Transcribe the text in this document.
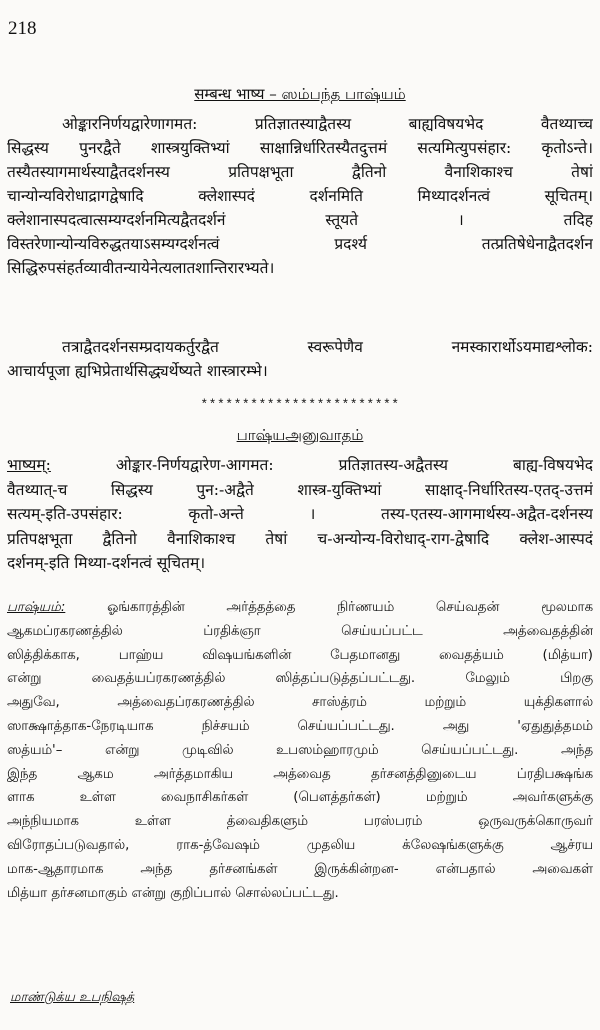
218
सम्बन्ध भाष्य – ஸம்பந்த பாஷ்யம்
ओङ्कारनिर्णयद्वारेणागमत: प्रतिज्ञातस्याद्वैतस्य बाह्यविषयभेद वैतथ्याच्च
सिद्धस्य पुनरद्वैते शास्त्रयुक्तिभ्यां साक्षान्निर्धारितस्यैतदुत्तमं सत्यमित्युपसंहार: कृतोऽन्ते।
तस्यैतस्यागमार्थस्याद्वैतदर्शनस्य प्रतिपक्षभूता द्वैतिनो वैनाशिकाश्च तेषां
चान्योन्यविरोधाद्रागद्वेषादि क्लेशास्पदं दर्शनमिति मिथ्यादर्शनत्वं सूचितम्।
क्लेशानास्पदत्वात्सम्यग्दर्शनमित्यद्वैतदर्शनं स्तूयते । तदिह
विस्तरेणान्योन्यविरुद्धतयाऽसम्यग्दर्शनत्वं प्रदर्श्य तत्प्रतिषेधेनाद्वैतदर्शन
सिद्धिरुपसंहर्तव्यावीतन्यायेनेत्यलातशान्तिरारभ्यते।
तत्राद्वैतदर्शनसम्प्रदायकर्तुरद्वैत स्वरूपेणैव नमस्कारार्थोऽयमाद्यश्लोक:
आचार्यपूजा ह्यभिप्रेतार्थसिद्ध्यर्थेष्यते शास्त्रारम्भे।
************************
பாஷ்யஅனுவாதம்
भाष्यम्: ओङ्कार-निर्णयद्वारेण-आगमत: प्रतिज्ञातस्य-अद्वैतस्य बाह्य-विषयभेद
वैतथ्यात्-च सिद्धस्य पुन:-अद्वैते शास्त्र-युक्तिभ्यां साक्षाद्-निर्धारितस्य-एतद्-उत्तमं
सत्यम्-इति-उपसंहार: कृतो-अन्ते । तस्य-एतस्य-आगमार्थस्य-अद्वैत-दर्शनस्य
प्रतिपक्षभूता द्वैतिनो वैनाशिकाश्च तेषां च-अन्योन्य-विरोधाद्-राग-द्वेषादि क्लेश-आस्पदं
दर्शनम्-इति मिथ्या-दर्शनत्वं सूचितम्।
பாஷ்யம்: ஓங்காரத்தின் அர்த்தத்தை நிர்ணயம் செய்வதன் மூலமாக
ஆகமப்ரகரணத்தில் ப்ரதிக்ஞா செய்யப்பட்ட அத்வைதத்தின்
ஸித்திக்காக, பாஹ்ய விஷயங்களின் பேதமானது வைதத்யம் (மித்யா)
என்று வைதத்யப்ரகரணத்தில் ஸித்தப்படுத்தப்பட்டது. மேலும் பிறகு
அதுவே, அத்வைதப்ரகரணத்தில் சாஸ்த்ரம் மற்றும் யுக்திகளால்
ஸாக்ஷாத்தாக-நேரடியாக நிச்சயம் செய்யப்பட்டது. அது 'ஏதுதுத்தமம்
ஸத்யம்'– என்று முடிவில் உபஸம்ஹாரமும் செய்யப்பட்டது. அந்த
இந்த ஆகம அர்த்தமாகிய அத்வைத தர்சனத்தினுடைய ப்ரதிபக்ஷங்க
ளாக உள்ள வைநாசிகர்கள் (பௌத்தர்கள்) மற்றும் அவர்களுக்கு
அந்நியமாக உள்ள த்வைதிகளும் பரஸ்பரம் ஒருவருக்கொருவர்
விரோதப்படுவதால், ராக-த்வேஷம் முதலிய க்லேஷங்களுக்கு ஆச்ரய
மாக-ஆதாரமாக அந்த தர்சனங்கள் இருக்கின்றன- என்பதால் அவைகள்
மித்யா தர்சனமாகும் என்று குறிப்பால் சொல்லப்பட்டது.
மாண்டுக்ய உபநிஷத்
